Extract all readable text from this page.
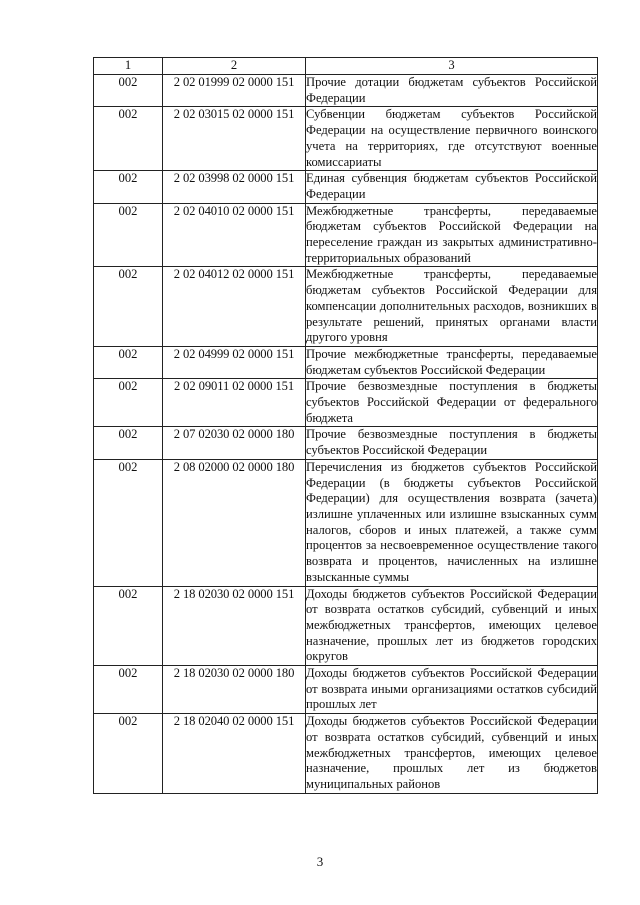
1	2	3
002	2 02 01999 02 0000 151	Прочие дотации бюджетам субъектов Российской Федерации
002	2 02 03015 02 0000 151	Субвенции бюджетам субъектов Российской Федерации на осуществление первичного воинского учета на территориях, где отсутствуют военные комиссариаты
002	2 02 03998 02 0000 151	Единая субвенция бюджетам субъектов Российской Федерации
002	2 02 04010 02 0000 151	Межбюджетные трансферты, передаваемые бюджетам субъектов Российской Федерации на переселение граждан из закрытых административно-территориальных образований
002	2 02 04012 02 0000 151	Межбюджетные трансферты, передаваемые бюджетам субъектов Российской Федерации для компенсации дополнительных расходов, возникших в результате решений, принятых органами власти другого уровня
002	2 02 04999 02 0000 151	Прочие межбюджетные трансферты, передаваемые бюджетам субъектов Российской Федерации
002	2 02 09011 02 0000 151	Прочие безвозмездные поступления в бюджеты субъектов Российской Федерации от федерального бюджета
002	2 07 02030 02 0000 180	Прочие безвозмездные поступления в бюджеты субъектов Российской Федерации
002	2 08 02000 02 0000 180	Перечисления из бюджетов субъектов Российской Федерации (в бюджеты субъектов Российской Федерации) для осуществления возврата (зачета) излишне уплаченных или излишне взысканных сумм налогов, сборов и иных платежей, а также сумм процентов за несвоевременное осуществление такого возврата и процентов, начисленных на излишне взысканные суммы
002	2 18 02030 02 0000 151	Доходы бюджетов субъектов Российской Федерации от возврата остатков субсидий, субвенций и иных межбюджетных трансфертов, имеющих целевое назначение, прошлых лет из бюджетов городских округов
002	2 18 02030 02 0000 180	Доходы бюджетов субъектов Российской Федерации от возврата иными организациями остатков субсидий прошлых лет
002	2 18 02040 02 0000 151	Доходы бюджетов субъектов Российской Федерации от возврата остатков субсидий, субвенций и иных межбюджетных трансфертов, имеющих целевое назначение, прошлых лет из бюджетов муниципальных районов
3
